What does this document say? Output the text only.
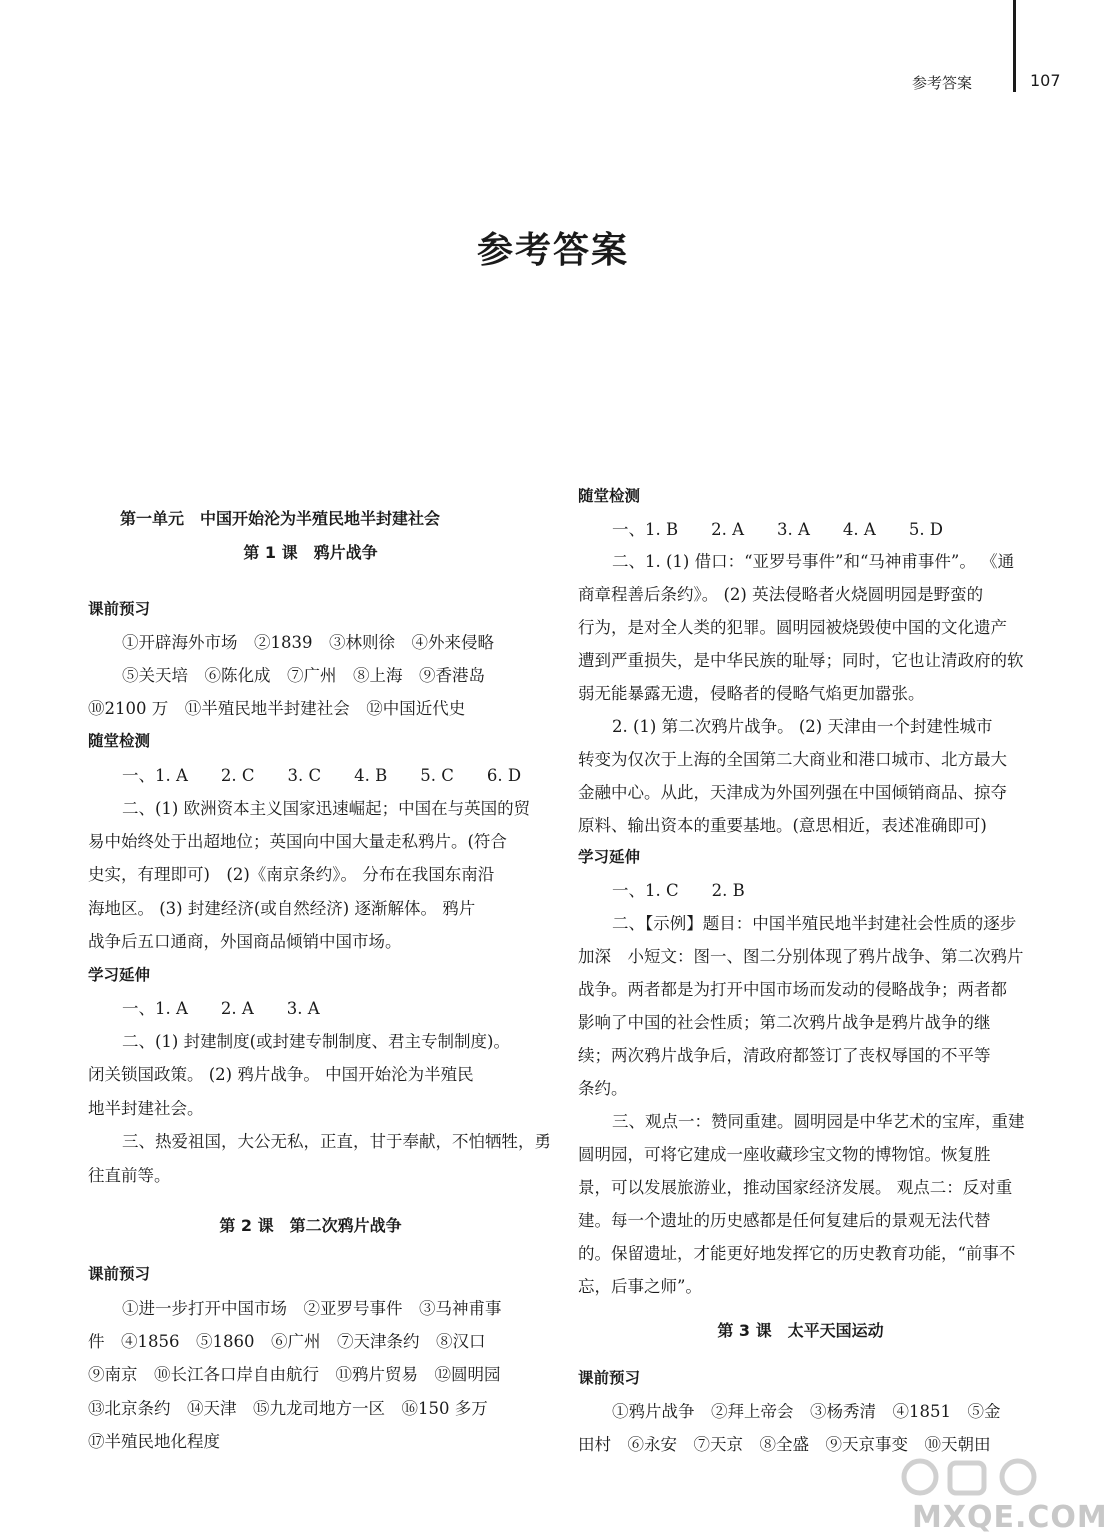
参考答案	107
参考答案
第一单元　中国开始沦为半殖民地半封建社会
第 1 课　鸦片战争
课前预习
①开辟海外市场　②1839　③林则徐　④外来侵略
⑤关天培　⑥陈化成　⑦广州　⑧上海　⑨香港岛
⑩2100 万　⑪半殖民地半封建社会　⑫中国近代史
随堂检测
一、1. A　　2. C　　3. C　　4. B　　5. C　　6. D
二、(1) 欧洲资本主义国家迅速崛起；中国在与英国的贸
易中始终处于出超地位；英国向中国大量走私鸦片。(符合
史实，有理即可)　(2)《南京条约》。 分布在我国东南沿
海地区。 (3) 封建经济(或自然经济) 逐渐解体。 鸦片
战争后五口通商，外国商品倾销中国市场。
学习延伸
一、1. A　　2. A　　3. A
二、(1) 封建制度(或封建专制制度、君主专制制度)。
闭关锁国政策。 (2) 鸦片战争。 中国开始沦为半殖民
地半封建社会。
三、热爱祖国，大公无私，正直，甘于奉献，不怕牺牲，勇
往直前等。
第 2 课　第二次鸦片战争
课前预习
①进一步打开中国市场　②亚罗号事件　③马神甫事
件　④1856　⑤1860　⑥广州　⑦天津条约　⑧汉口
⑨南京　⑩长江各口岸自由航行　⑪鸦片贸易　⑫圆明园
⑬北京条约　⑭天津　⑮九龙司地方一区　⑯150 多万
⑰半殖民地化程度
随堂检测
一、1. B　　2. A　　3. A　　4. A　　5. D
二、1. (1) 借口：“亚罗号事件”和“马神甫事件”。 《通
商章程善后条约》。 (2) 英法侵略者火烧圆明园是野蛮的
行为，是对全人类的犯罪。圆明园被烧毁使中国的文化遗产
遭到严重损失，是中华民族的耻辱；同时，它也让清政府的软
弱无能暴露无遗，侵略者的侵略气焰更加嚣张。
2. (1) 第二次鸦片战争。 (2) 天津由一个封建性城市
转变为仅次于上海的全国第二大商业和港口城市、北方最大
金融中心。从此，天津成为外国列强在中国倾销商品、掠夺
原料、输出资本的重要基地。(意思相近，表述准确即可)
学习延伸
一、1. C　　2. B
二、【示例】题目：中国半殖民地半封建社会性质的逐步
加深　小短文：图一、图二分别体现了鸦片战争、第二次鸦片
战争。两者都是为打开中国市场而发动的侵略战争；两者都
影响了中国的社会性质；第二次鸦片战争是鸦片战争的继
续；两次鸦片战争后，清政府都签订了丧权辱国的不平等
条约。
三、观点一：赞同重建。圆明园是中华艺术的宝库，重建
圆明园，可将它建成一座收藏珍宝文物的博物馆。恢复胜
景，可以发展旅游业，推动国家经济发展。 观点二：反对重
建。每一个遗址的历史感都是任何复建后的景观无法代替
的。保留遗址，才能更好地发挥它的历史教育功能，“前事不
忘，后事之师”。
第 3 课　太平天国运动
课前预习
①鸦片战争　②拜上帝会　③杨秀清　④1851　⑤金
田村　⑥永安　⑦天京　⑧全盛　⑨天京事变　⑩天朝田
MXQE.COM
